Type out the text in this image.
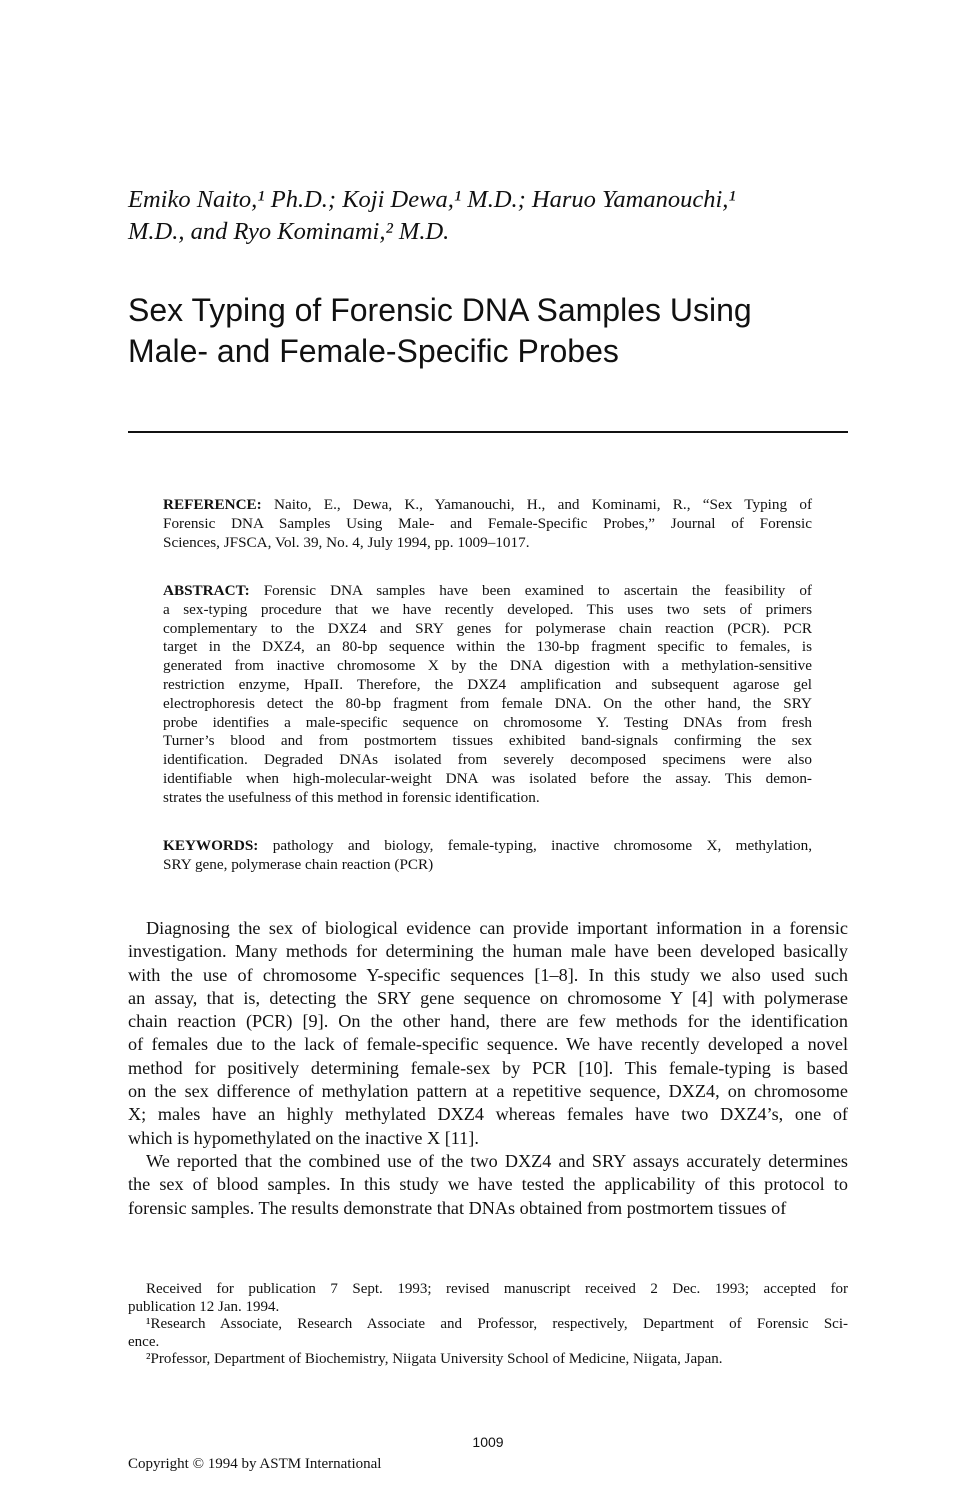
Emiko Naito,¹ Ph.D.; Koji Dewa,¹ M.D.; Haruo Yamanouchi,¹
M.D., and Ryo Kominami,² M.D.
Sex Typing of Forensic DNA Samples Using
Male- and Female-Specific Probes
REFERENCE: Naito, E., Dewa, K., Yamanouchi, H., and Kominami, R., “Sex Typing of
Forensic DNA Samples Using Male- and Female-Specific Probes,” Journal of Forensic
Sciences, JFSCA, Vol. 39, No. 4, July 1994, pp. 1009–1017.
ABSTRACT: Forensic DNA samples have been examined to ascertain the feasibility of
a sex-typing procedure that we have recently developed. This uses two sets of primers
complementary to the DXZ4 and SRY genes for polymerase chain reaction (PCR). PCR
target in the DXZ4, an 80-bp sequence within the 130-bp fragment specific to females, is
generated from inactive chromosome X by the DNA digestion with a methylation-sensitive
restriction enzyme, HpaII. Therefore, the DXZ4 amplification and subsequent agarose gel
electrophoresis detect the 80-bp fragment from female DNA. On the other hand, the SRY
probe identifies a male-specific sequence on chromosome Y. Testing DNAs from fresh
Turner’s blood and from postmortem tissues exhibited band-signals confirming the sex
identification. Degraded DNAs isolated from severely decomposed specimens were also
identifiable when high-molecular-weight DNA was isolated before the assay. This demon-
strates the usefulness of this method in forensic identification.
KEYWORDS: pathology and biology, female-typing, inactive chromosome X, methylation,
SRY gene, polymerase chain reaction (PCR)
Diagnosing the sex of biological evidence can provide important information in a forensic
investigation. Many methods for determining the human male have been developed basically
with the use of chromosome Y-specific sequences [1–8]. In this study we also used such
an assay, that is, detecting the SRY gene sequence on chromosome Y [4] with polymerase
chain reaction (PCR) [9]. On the other hand, there are few methods for the identification
of females due to the lack of female-specific sequence. We have recently developed a novel
method for positively determining female-sex by PCR [10]. This female-typing is based
on the sex difference of methylation pattern at a repetitive sequence, DXZ4, on chromosome
X; males have an highly methylated DXZ4 whereas females have two DXZ4’s, one of
which is hypomethylated on the inactive X [11].
We reported that the combined use of the two DXZ4 and SRY assays accurately determines
the sex of blood samples. In this study we have tested the applicability of this protocol to
forensic samples. The results demonstrate that DNAs obtained from postmortem tissues of
Received for publication 7 Sept. 1993; revised manuscript received 2 Dec. 1993; accepted for
publication 12 Jan. 1994.
¹Research Associate, Research Associate and Professor, respectively, Department of Forensic Sci-
ence.
²Professor, Department of Biochemistry, Niigata University School of Medicine, Niigata, Japan.
1009
Copyright © 1994 by ASTM International
